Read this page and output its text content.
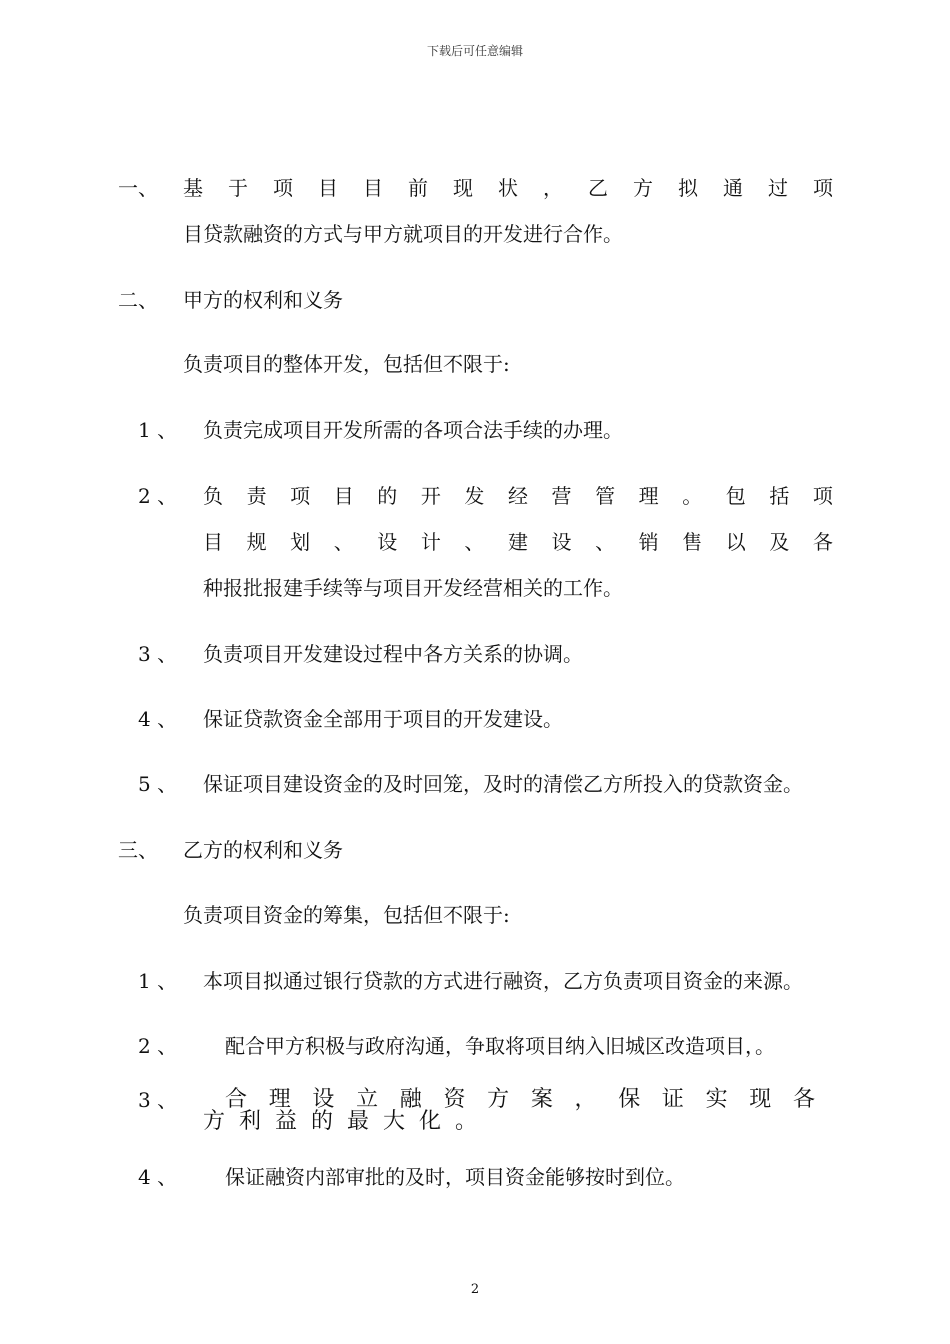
下载后可任意编辑
一、 基 于 项 目 目 前 现 状 ， 乙 方 拟 通 过 项
目贷款融资的方式与甲方就项目的开发进行合作。
二、 甲方的权利和义务
负责项目的整体开发，包括但不限于:
1 、 负责完成项目开发所需的各项合法手续的办理。
2 、 负 责 项 目 的 开 发 经 营 管 理 。 包 括 项
目 规 划 、 设 计 、 建 设 、 销 售 以 及 各
种报批报建手续等与项目开发经营相关的工作。
3 、 负责项目开发建设过程中各方关系的协调。
4 、 保证贷款资金全部用于项目的开发建设。
5 、 保证项目建设资金的及时回笼，及时的清偿乙方所投入的贷款资金。
三、 乙方的权利和义务
负责项目资金的筹集，包括但不限于:
1 、 本项目拟通过银行贷款的方式进行融资，乙方负责项目资金的来源。
2 、 配合甲方积极与政府沟通，争取将项目纳入旧城区改造项目，。
3 、 合 理 设 立 融 资 方 案 ， 保 证 实 现 各
方利益的最大化。
4 、 保证融资内部审批的及时，项目资金能够按时到位。
2
